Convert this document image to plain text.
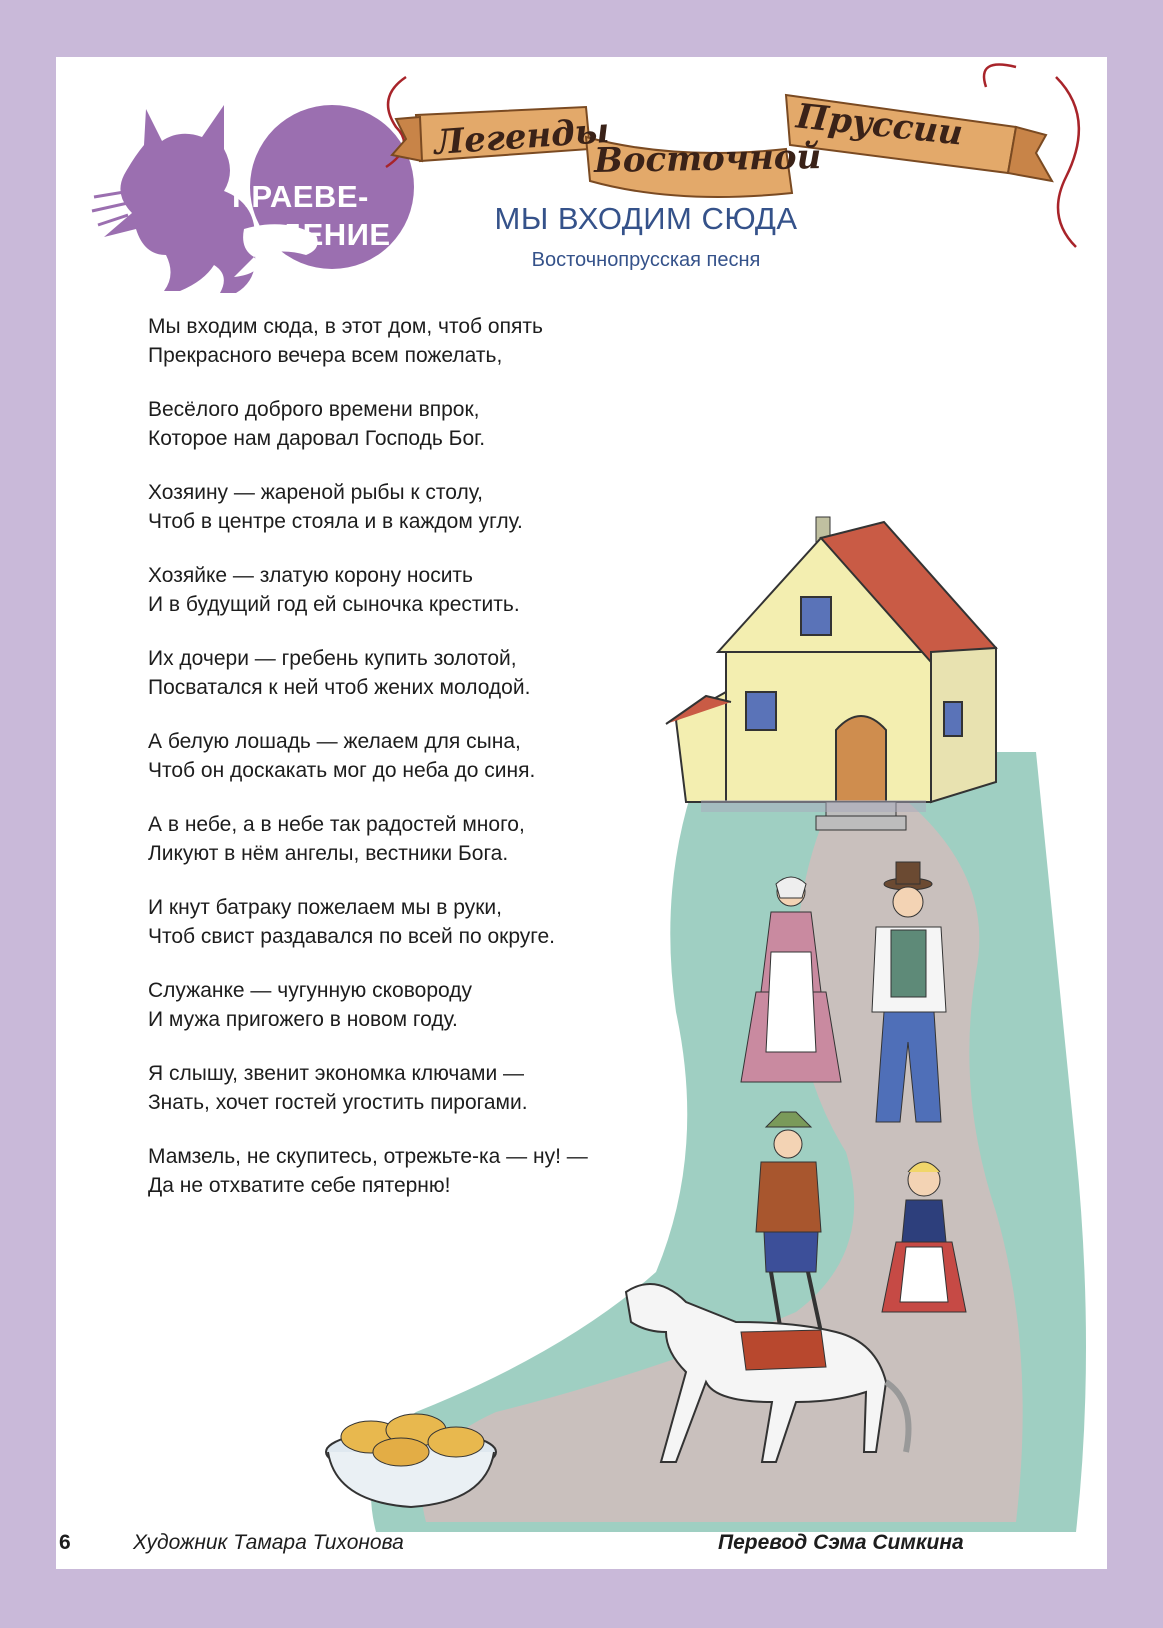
КРАЕВЕ-
ДЕНИЕ
Легенды
Восточной
Пруссии
МЫ ВХОДИМ СЮДА
Восточнопрусская песня
Мы входим сюда, в этот дом, чтоб опять
Прекрасного вечера всем пожелать,
Весёлого доброго времени впрок,
Которое нам даровал Господь Бог.
Хозяину — жареной рыбы к столу,
Чтоб в центре стояла и в каждом углу.
Хозяйке — златую корону носить
И в будущий год ей сыночка крестить.
Их дочери — гребень купить золотой,
Посватался к ней чтоб жених молодой.
А белую лошадь — желаем для сына,
Чтоб он доскакать мог до неба до синя.
А в небе, а в небе так радостей много,
Ликуют в нём ангелы, вестники Бога.
И кнут батраку пожелаем мы в руки,
Чтоб свист раздавался по всей по округе.
Служанке — чугунную сковороду
И мужа пригожего в новом году.
Я слышу, звенит экономка ключами —
Знать, хочет гостей угостить пирогами.
Мамзель, не скупитесь, отрежьте-ка — ну! —
Да не отхватите себе пятерню!
6	Художник Тамара Тихонова	Перевод Сэма Симкина
